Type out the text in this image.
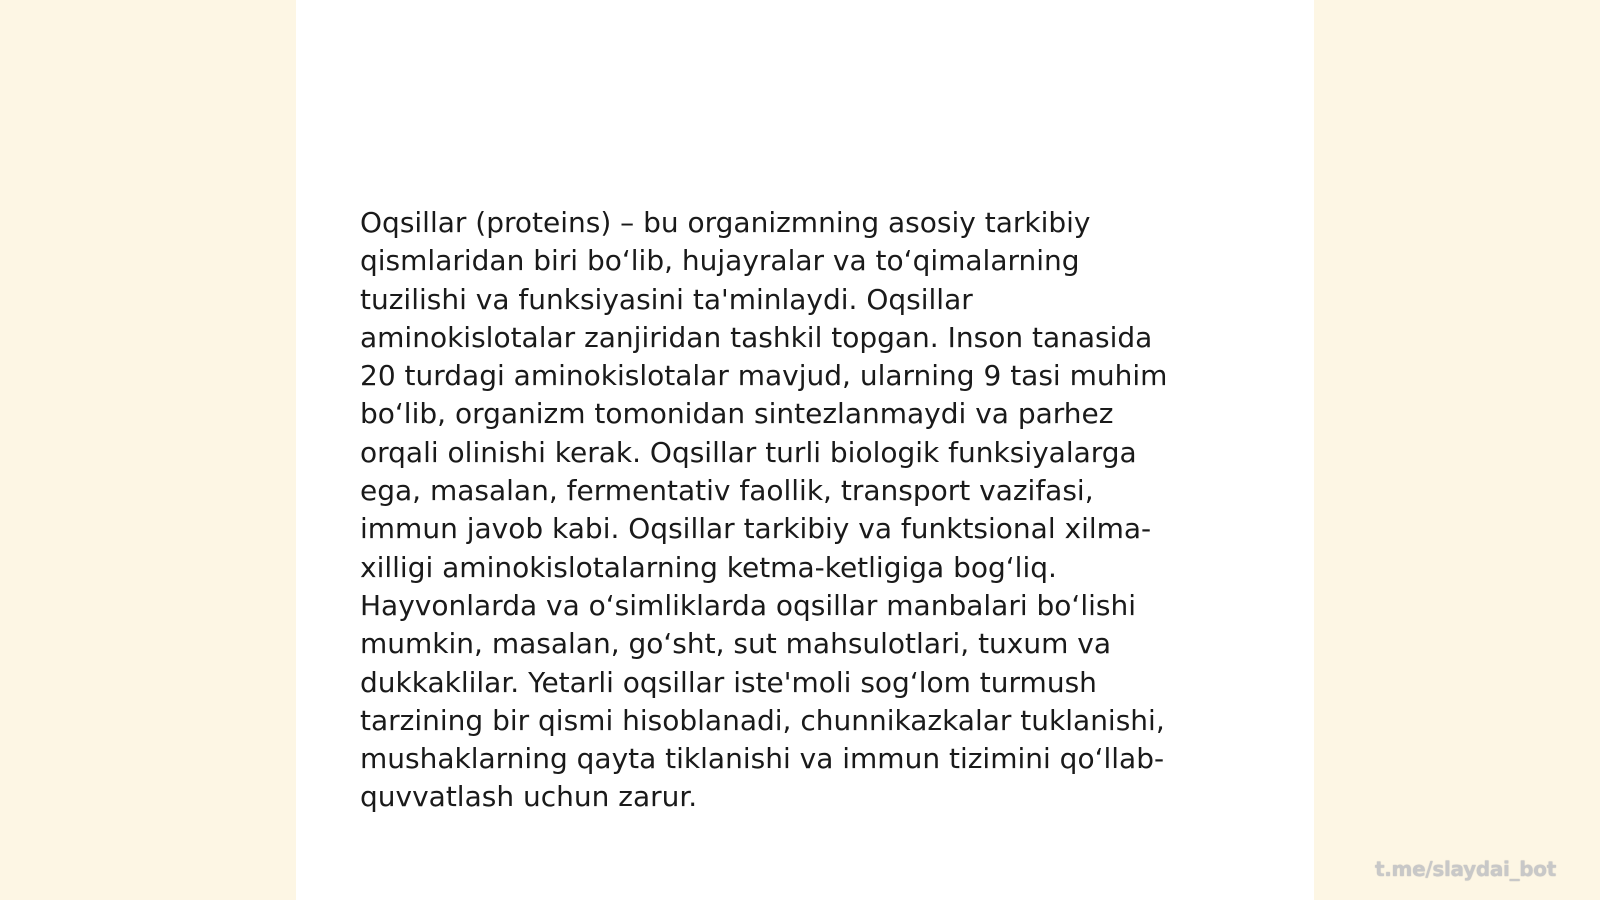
Oqsillar (proteins) – bu organizmning asosiy tarkibiy
qismlaridan biri bo‘lib, hujayralar va to‘qimalarning
tuzilishi va funksiyasini ta'minlaydi. Oqsillar
aminokislotalar zanjiridan tashkil topgan. Inson tanasida
20 turdagi aminokislotalar mavjud, ularning 9 tasi muhim
bo‘lib, organizm tomonidan sintezlanmaydi va parhez
orqali olinishi kerak. Oqsillar turli biologik funksiyalarga
ega, masalan, fermentativ faollik, transport vazifasi,
immun javob kabi. Oqsillar tarkibiy va funktsional xilma-
xilligi aminokislotalarning ketma-ketligiga bog‘liq.
Hayvonlarda va o‘simliklarda oqsillar manbalari bo‘lishi
mumkin, masalan, go‘sht, sut mahsulotlari, tuxum va
dukkaklilar. Yetarli oqsillar iste'moli sog‘lom turmush
tarzining bir qismi hisoblanadi, chunnikazkalar tuklanishi,
mushaklarning qayta tiklanishi va immun tizimini qo‘llab-
quvvatlash uchun zarur.

t.me/slaydai_bot
